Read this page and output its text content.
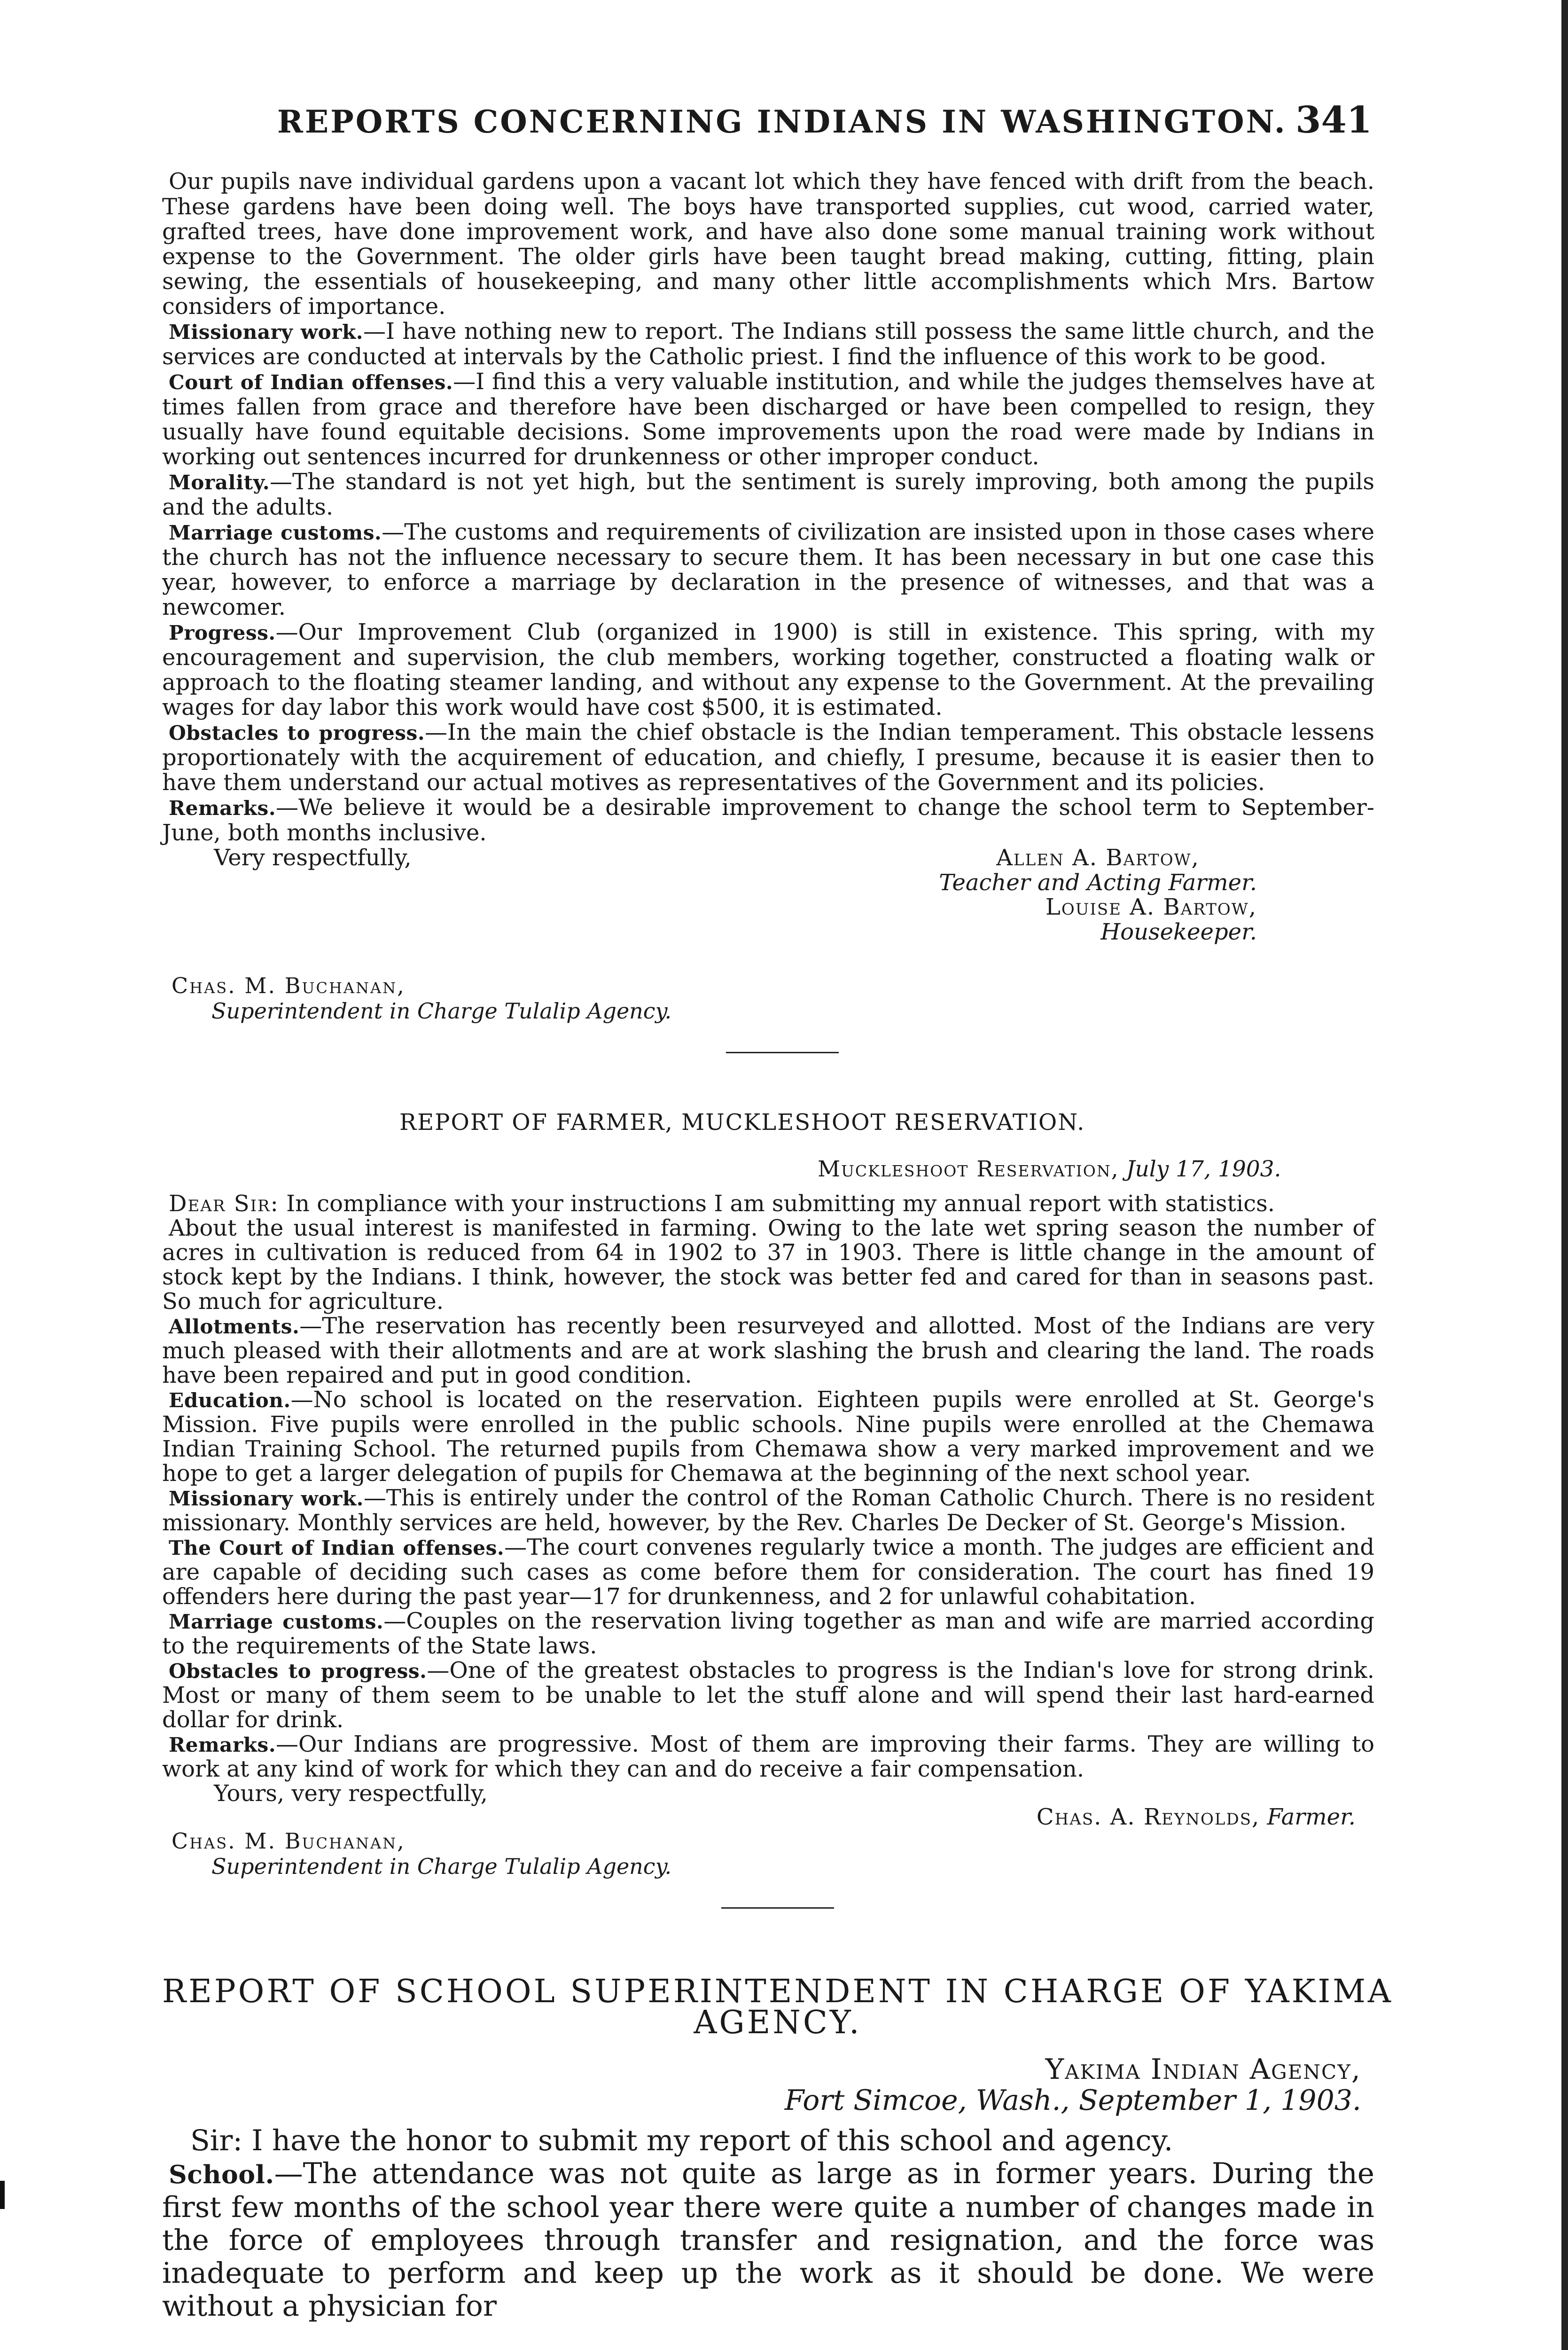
REPORTS CONCERNING INDIANS IN WASHINGTON. 341

Our pupils nave individual gardens upon a vacant lot which they have fenced with drift from the beach. These gardens have been doing well. The boys have transported supplies, cut wood, carried water, grafted trees, have done improvement work, and have also done some manual training work without expense to the Government. The older girls have been taught bread making, cutting, fitting, plain sewing, the essentials of housekeeping, and many other little accomplishments which Mrs. Bartow considers of importance.

Missionary work.—I have nothing new to report. The Indians still possess the same little church, and the services are conducted at intervals by the Catholic priest. I find the influence of this work to be good.

Court of Indian offenses.—I find this a very valuable institution, and while the judges themselves have at times fallen from grace and therefore have been discharged or have been compelled to resign, they usually have found equitable decisions. Some improvements upon the road were made by Indians in working out sentences incurred for drunkenness or other improper conduct.

Morality.—The standard is not yet high, but the sentiment is surely improving, both among the pupils and the adults.

Marriage customs.—The customs and requirements of civilization are insisted upon in those cases where the church has not the influence necessary to secure them. It has been necessary in but one case this year, however, to enforce a marriage by declaration in the presence of witnesses, and that was a newcomer.

Progress.—Our Improvement Club (organized in 1900) is still in existence. This spring, with my encouragement and supervision, the club members, working together, constructed a floating walk or approach to the floating steamer landing, and without any expense to the Government. At the prevailing wages for day labor this work would have cost $500, it is estimated.

Obstacles to progress.—In the main the chief obstacle is the Indian temperament. This obstacle lessens proportionately with the acquirement of education, and chiefly, I presume, because it is easier then to have them understand our actual motives as representatives of the Government and its policies.

Remarks.—We believe it would be a desirable improvement to change the school term to September-June, both months inclusive.

Very respectfully,	Allen A. Bartow,
Teacher and Acting Farmer.
Louise A. Bartow,
Housekeeper.
Chas. M. Buchanan,
Superintendent in Charge Tulalip Agency.
REPORT OF FARMER, MUCKLESHOOT RESERVATION.
Muckleshoot Reservation, July 17, 1903.

Dear Sir: In compliance with your instructions I am submitting my annual report with statistics.

About the usual interest is manifested in farming. Owing to the late wet spring season the number of acres in cultivation is reduced from 64 in 1902 to 37 in 1903. There is little change in the amount of stock kept by the Indians. I think, however, the stock was better fed and cared for than in seasons past. So much for agriculture.

Allotments.—The reservation has recently been resurveyed and allotted. Most of the Indians are very much pleased with their allotments and are at work slashing the brush and clearing the land. The roads have been repaired and put in good condition.

Education.—No school is located on the reservation. Eighteen pupils were enrolled at St. George's Mission. Five pupils were enrolled in the public schools. Nine pupils were enrolled at the Chemawa Indian Training School. The returned pupils from Chemawa show a very marked improvement and we hope to get a larger delegation of pupils for Chemawa at the beginning of the next school year.

Missionary work.—This is entirely under the control of the Roman Catholic Church. There is no resident missionary. Monthly services are held, however, by the Rev. Charles De Decker of St. George's Mission.

The Court of Indian offenses.—The court convenes regularly twice a month. The judges are efficient and are capable of deciding such cases as come before them for consideration. The court has fined 19 offenders here during the past year—17 for drunkenness, and 2 for unlawful cohabitation.

Marriage customs.—Couples on the reservation living together as man and wife are married according to the requirements of the State laws.

Obstacles to progress.—One of the greatest obstacles to progress is the Indian's love for strong drink. Most or many of them seem to be unable to let the stuff alone and will spend their last hard-earned dollar for drink.

Remarks.—Our Indians are progressive. Most of them are improving their farms. They are willing to work at any kind of work for which they can and do receive a fair compensation.

Yours, very respectfully,
Chas. A. Reynolds, Farmer.
Chas. M. Buchanan,
Superintendent in Charge Tulalip Agency.
REPORT OF SCHOOL SUPERINTENDENT IN CHARGE OF YAKIMA
AGENCY.
Yakima Indian Agency,
Fort Simcoe, Wash., September 1, 1903.

Sir: I have the honor to submit my report of this school and agency.

School.—The attendance was not quite as large as in former years. During the first few months of the school year there were quite a number of changes made in the force of employees through transfer and resignation, and the force was inadequate to perform and keep up the work as it should be done. We were without a physician for
